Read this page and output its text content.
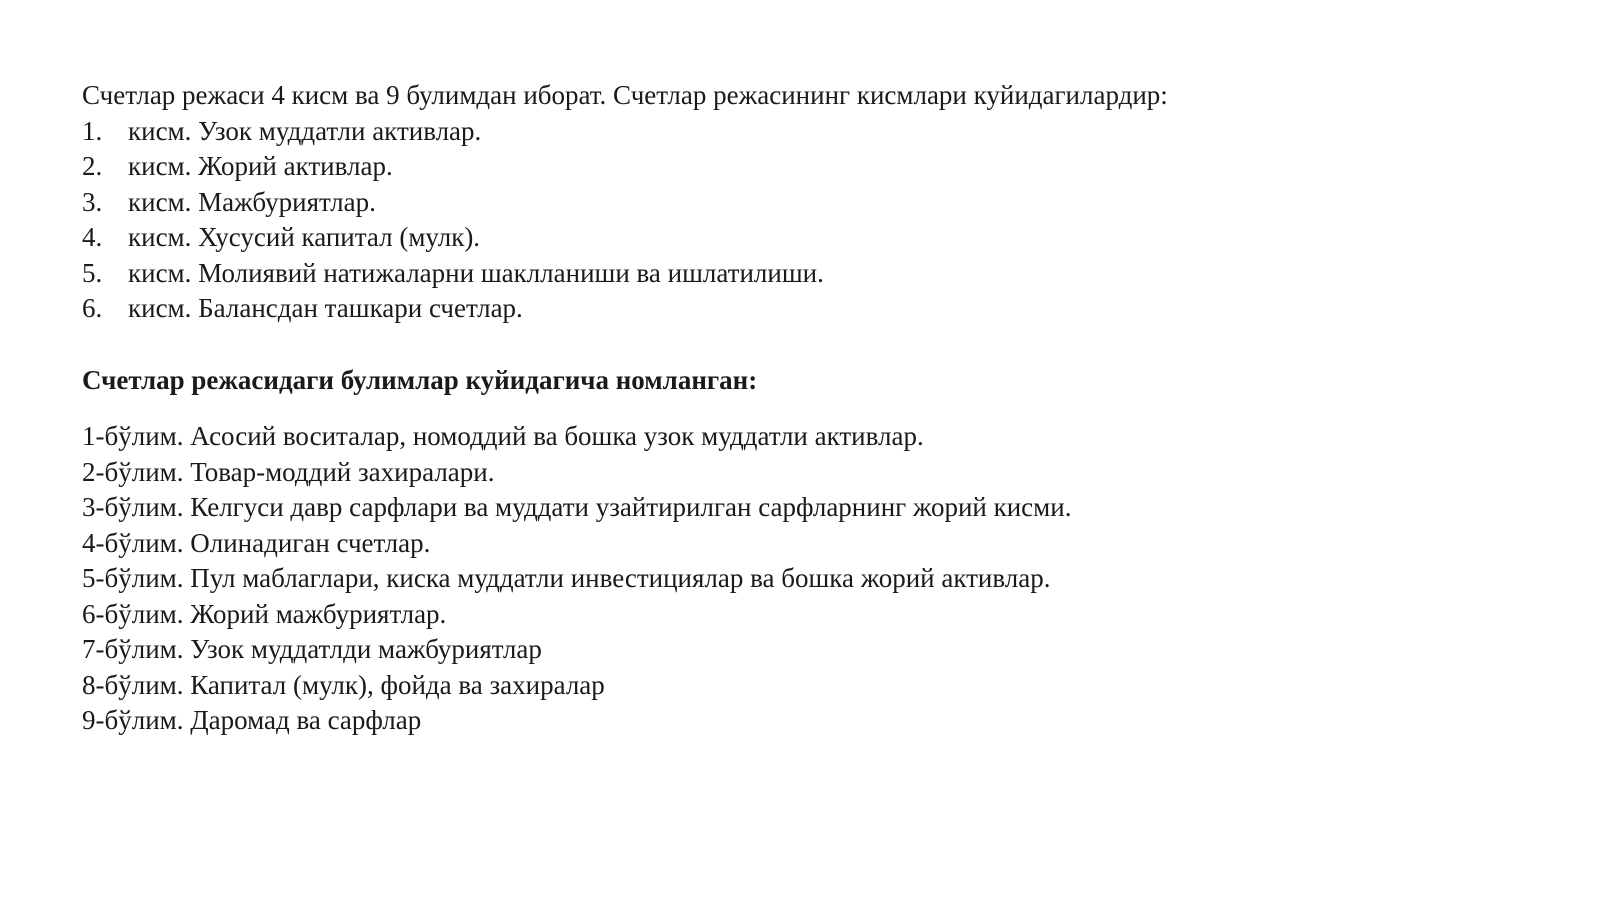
Счетлар режаси 4 кисм ва 9 булимдан иборат. Счетлар режасининг кисмлари куйидагилардир:
1. кисм. Узок муддатли активлар.
2. кисм. Жорий активлар.
3. кисм. Мажбуриятлар.
4. кисм. Хусусий капитал (мулк).
5. кисм. Молиявий натижаларни шаклланиши ва ишлатилиши.
6. кисм. Балансдан ташкари счетлар.
Счетлар режасидаги булимлар куйидагича номланган:
1-бўлим. Асосий воситалар, номоддий ва бошка узок муддатли активлар.
2-бўлим. Товар-моддий захиралари.
3-бўлим. Келгуси давр сарфлари ва муддати узайтирилган сарфларнинг жорий кисми.
4-бўлим. Олинадиган счетлар.
5-бўлим. Пул маблаглари, киска муддатли инвестициялар ва бошка жорий активлар.
6-бўлим. Жорий мажбуриятлар.
7-бўлим. Узок муддатлди мажбуриятлар
8-бўлим. Капитал (мулк), фойда ва захиралар
9-бўлим. Даромад ва сарфлар
